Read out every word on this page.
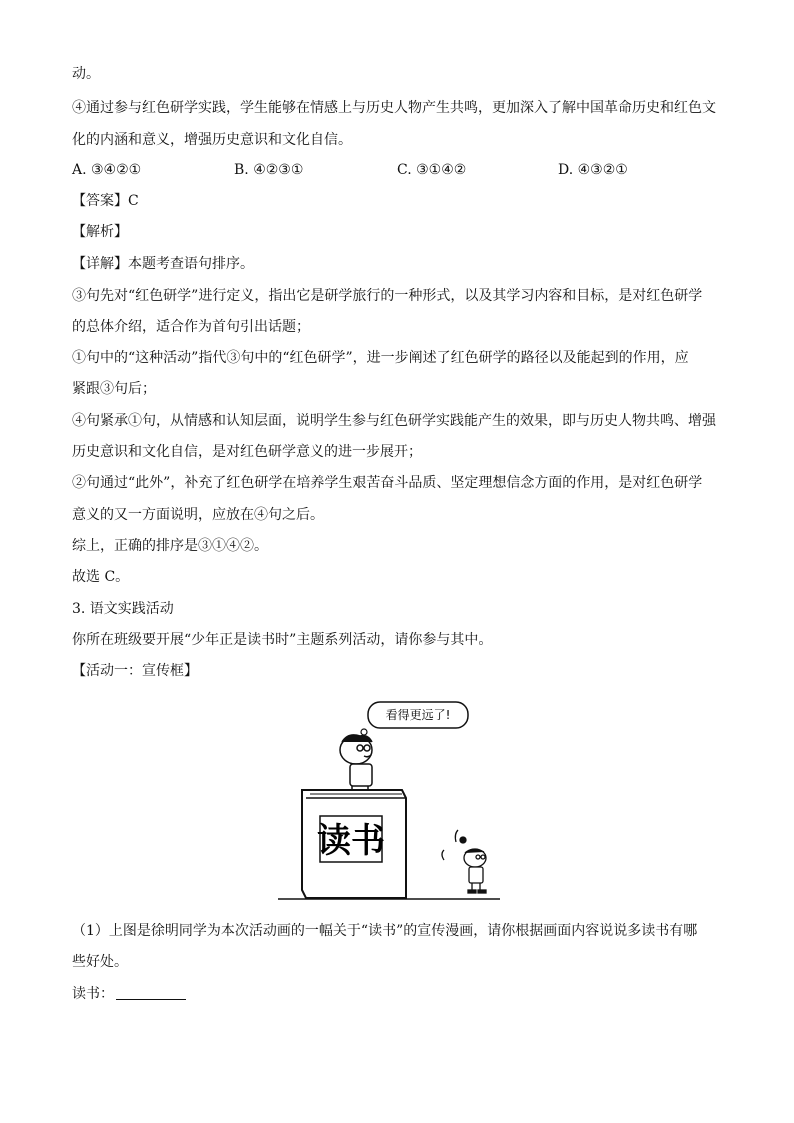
动。
④通过参与红色研学实践，学生能够在情感上与历史人物产生共鸣，更加深入了解中国革命历史和红色文
化的内涵和意义，增强历史意识和文化自信。
A. ③④②①	B. ④②③①	C. ③①④②	D. ④③②①
【答案】C
【解析】
【详解】本题考查语句排序。
③句先对“红色研学”进行定义，指出它是研学旅行的一种形式，以及其学习内容和目标，是对红色研学
的总体介绍，适合作为首句引出话题；
①句中的“这种活动”指代③句中的“红色研学”，进一步阐述了红色研学的路径以及能起到的作用，应
紧跟③句后；
④句紧承①句，从情感和认知层面，说明学生参与红色研学实践能产生的效果，即与历史人物共鸣、增强
历史意识和文化自信，是对红色研学意义的进一步展开；
②句通过“此外”，补充了红色研学在培养学生艰苦奋斗品质、坚定理想信念方面的作用，是对红色研学
意义的又一方面说明，应放在④句之后。
综上，正确的排序是③①④②。
故选 C。
3. 语文实践活动
你所在班级要开展“少年正是读书时”主题系列活动，请你参与其中。
【活动一：宣传框】
看得更远了!
读书
（1）上图是徐明同学为本次活动画的一幅关于“读书”的宣传漫画，请你根据画面内容说说多读书有哪
些好处。
读书：
